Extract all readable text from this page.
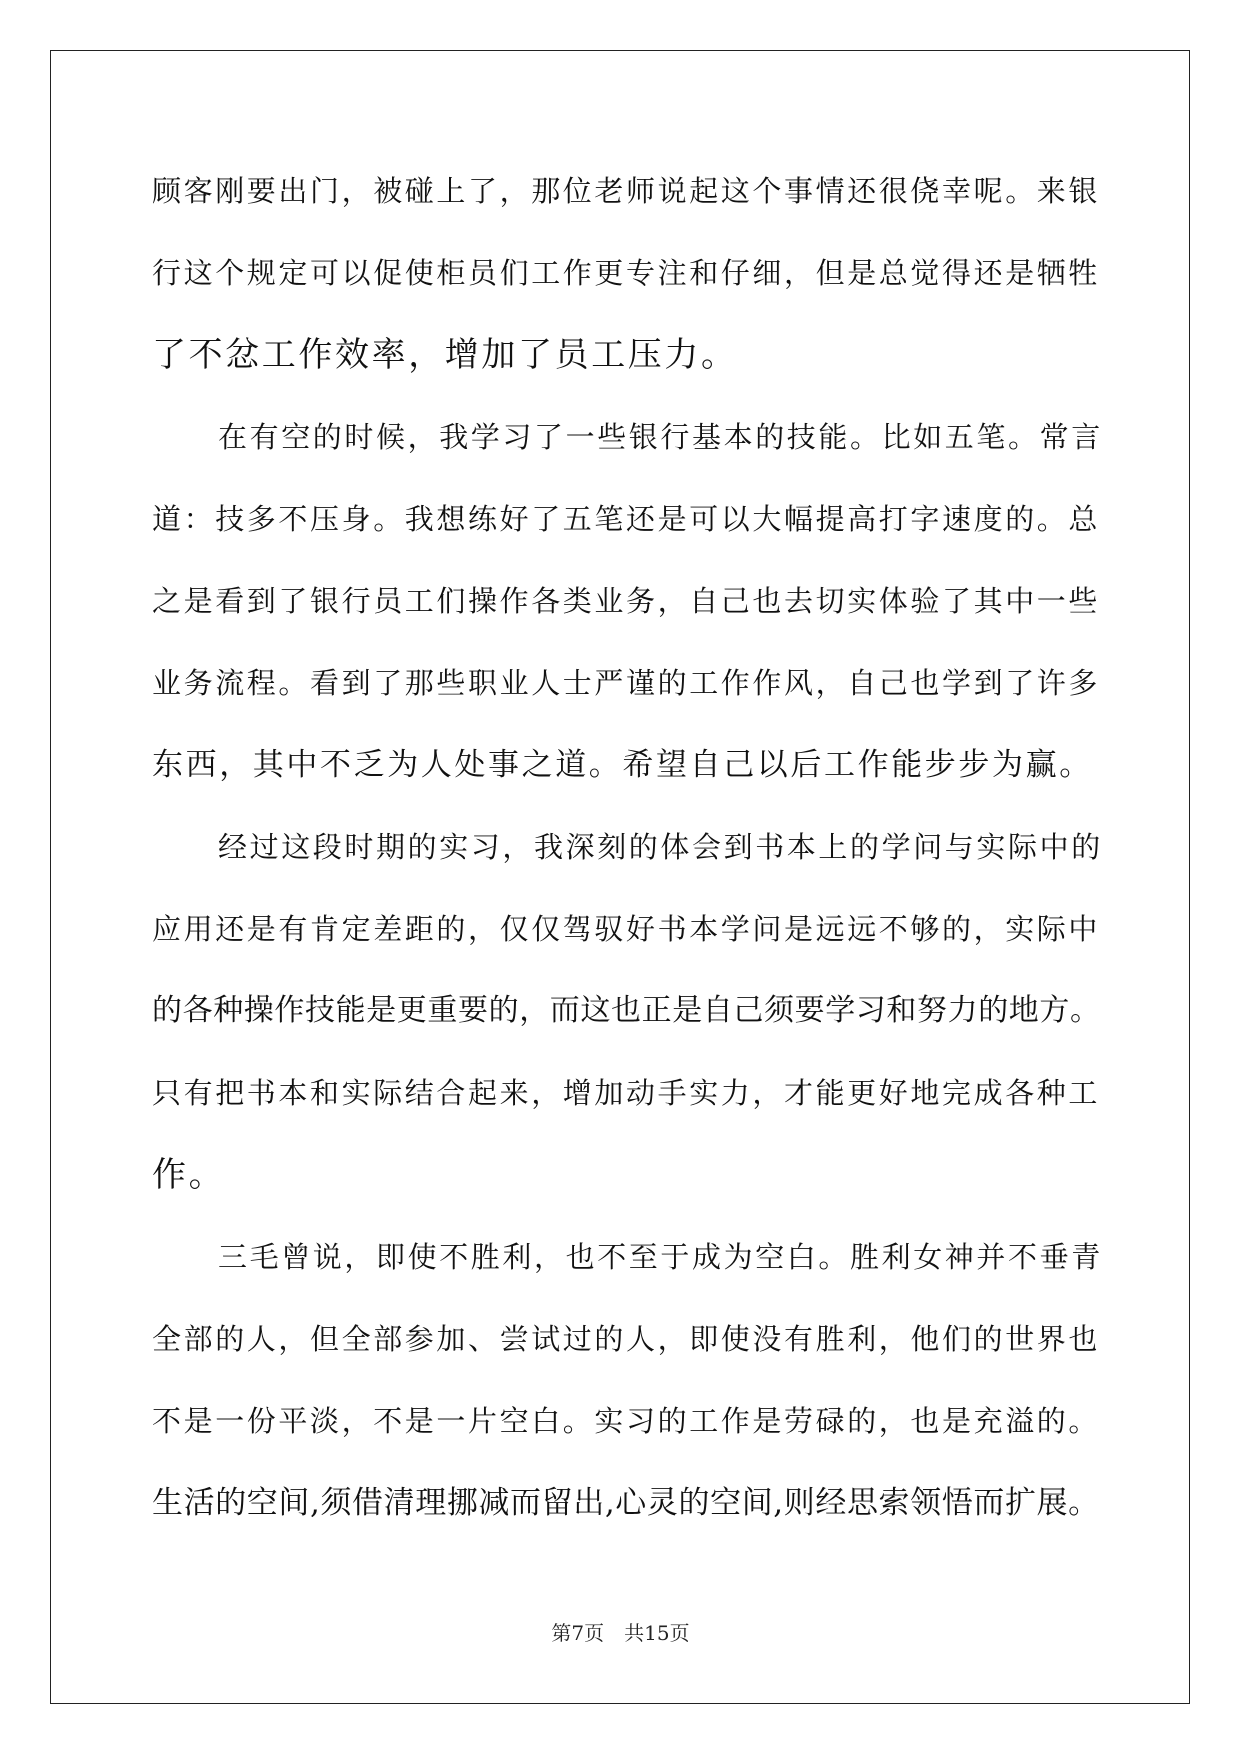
顾客刚要出门，被碰上了，那位老师说起这个事情还很侥幸呢。来银
行这个规定可以促使柜员们工作更专注和仔细，但是总觉得还是牺牲
了不忿工作效率，增加了员工压力。
在有空的时候，我学习了一些银行基本的技能。比如五笔。常言
道：技多不压身。我想练好了五笔还是可以大幅提高打字速度的。总
之是看到了银行员工们操作各类业务，自己也去切实体验了其中一些
业务流程。看到了那些职业人士严谨的工作作风，自己也学到了许多
东西，其中不乏为人处事之道。希望自己以后工作能步步为赢。
经过这段时期的实习，我深刻的体会到书本上的学问与实际中的
应用还是有肯定差距的，仅仅驾驭好书本学问是远远不够的，实际中
的各种操作技能是更重要的，而这也正是自己须要学习和努力的地方。
只有把书本和实际结合起来，增加动手实力，才能更好地完成各种工
作。
三毛曾说，即使不胜利，也不至于成为空白。胜利女神并不垂青
全部的人，但全部参加、尝试过的人，即使没有胜利，他们的世界也
不是一份平淡，不是一片空白。实习的工作是劳碌的，也是充溢的。
生活的空间,须借清理挪减而留出,心灵的空间,则经思索领悟而扩展。
第7页　共15页
